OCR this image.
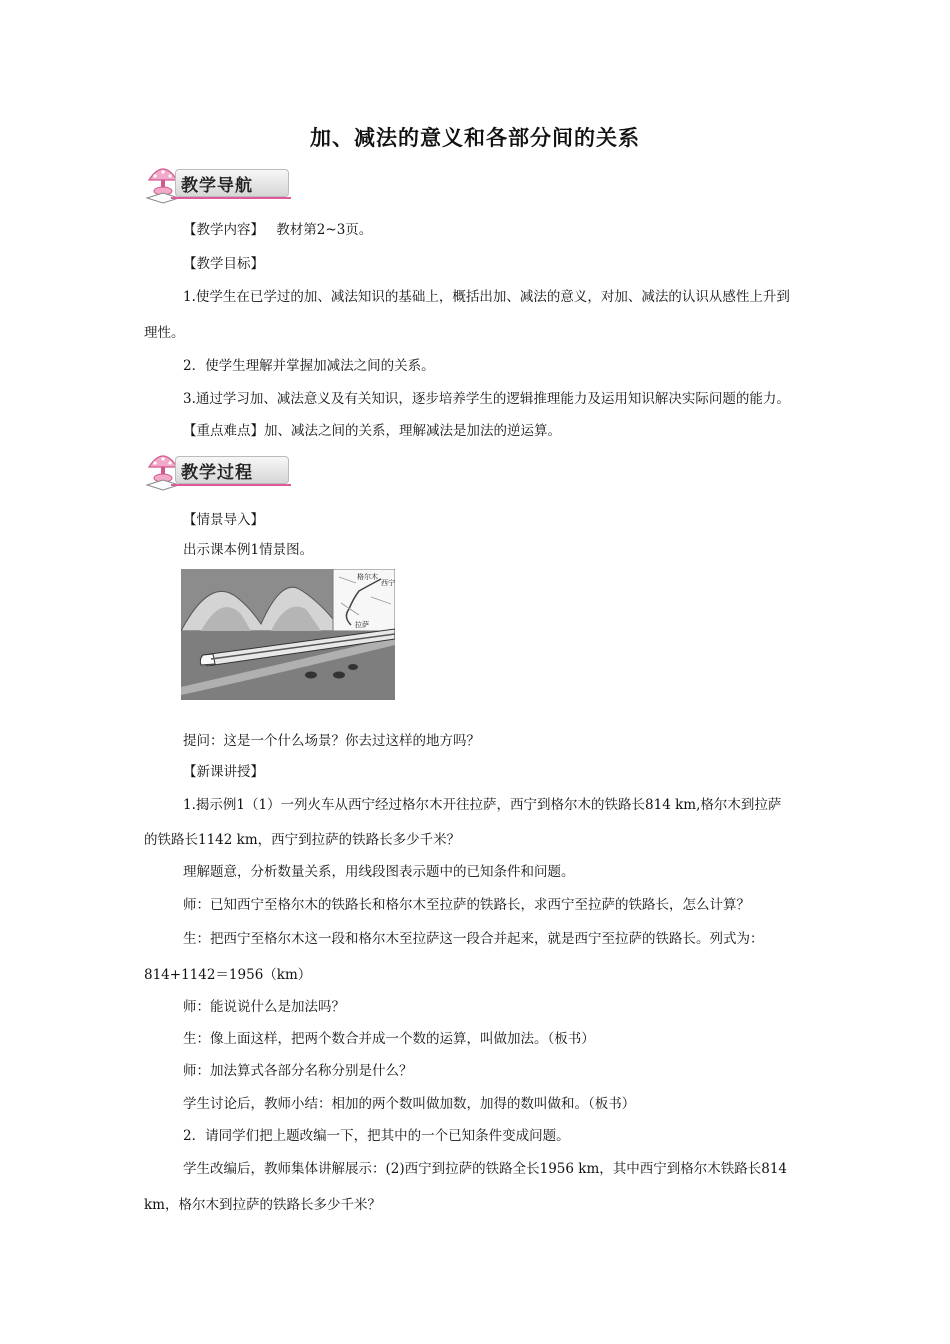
加、减法的意义和各部分间的关系
教学导航
【教学内容】 教材第2~3页。
【教学目标】
1.使学生在已学过的加、减法知识的基础上，概括出加、减法的意义，对加、减法的认识从感性上升到
理性。
2．使学生理解并掌握加减法之间的关系。
3.通过学习加、减法意义及有关知识，逐步培养学生的逻辑推理能力及运用知识解决实际问题的能力。
【重点难点】加、减法之间的关系，理解减法是加法的逆运算。
教学过程
【情景导入】
出示课本例1情景图。
格尔木
西宁
拉萨
提问：这是一个什么场景？你去过这样的地方吗？
【新课讲授】
1.揭示例1（1）一列火车从西宁经过格尔木开往拉萨，西宁到格尔木的铁路长814 km,格尔木到拉萨
的铁路长1142 km，西宁到拉萨的铁路长多少千米？
理解题意，分析数量关系，用线段图表示题中的已知条件和问题。
师：已知西宁至格尔木的铁路长和格尔木至拉萨的铁路长，求西宁至拉萨的铁路长，怎么计算？
生：把西宁至格尔木这一段和格尔木至拉萨这一段合并起来，就是西宁至拉萨的铁路长。列式为：
814+1142＝1956（km）
师：能说说什么是加法吗？
生：像上面这样，把两个数合并成一个数的运算，叫做加法。（板书）
师：加法算式各部分名称分别是什么？
学生讨论后，教师小结：相加的两个数叫做加数，加得的数叫做和。（板书）
2．请同学们把上题改编一下，把其中的一个已知条件变成问题。
学生改编后，教师集体讲解展示：(2)西宁到拉萨的铁路全长1956 km，其中西宁到格尔木铁路长814
km，格尔木到拉萨的铁路长多少千米？
